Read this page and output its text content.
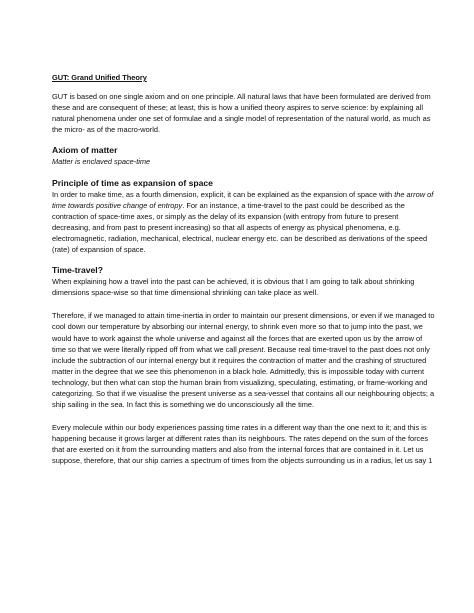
GUT: Grand Unified Theory

GUT is based on one single axiom and on one principle. All natural laws that have been formulated are derived from these and are consequent of these; at least, this is how a unified theory aspires to serve science: by explaining all natural phenomena under one set of formulae and a single model of representation of the natural world, as much as the micro- as of the macro-world.

Axiom of matter

Matter is enclaved space-time

Principle of time as expansion of space

In order to make time, as a fourth dimension, explicit, it can be explained as the expansion of space with the arrow of time towards positive change of entropy. For an instance, a time-travel to the past could be described as the contraction of space-time axes, or simply as the delay of its expansion (with entropy from future to present decreasing, and from past to present increasing) so that all aspects of energy as physical phenomena, e.g. electromagnetic, radiation, mechanical, electrical, nuclear energy etc. can be described as derivations of the speed (rate) of expansion of space.

Time-travel?

When explaining how a travel into the past can be achieved, it is obvious that I am going to talk about shrinking dimensions space-wise so that time dimensional shrinking can take place as well.

Therefore, if we managed to attain time-inertia in order to maintain our present dimensions, or even if we managed to cool down our temperature by absorbing our internal energy, to shrink even more so that to jump into the past, we would have to work against the whole universe and against all the forces that are exerted upon us by the arrow of time so that we were literally ripped off from what we call present. Because real time-travel to the past does not only include the subtraction of our internal energy but it requires the contraction of matter and the crashing of structured matter in the degree that we see this phenomenon in a black hole. Admittedly, this is impossible today with current technology, but then what can stop the human brain from visualizing, speculating, estimating, or frame-working and categorizing. So that if we visualise the present universe as a sea-vessel that contains all our neighbouring objects; a ship sailing in the sea. In fact this is something we do unconsciously all the time.

Every molecule within our body experiences passing time rates in a different way than the one next to it; and this is happening because it grows larger at different rates than its neighbours. The rates depend on the sum of the forces that are exerted on it from the surrounding matters and also from the internal forces that are contained in it. Let us suppose, therefore, that our ship carries a spectrum of times from the objects surrounding us in a radius, let us say 1
